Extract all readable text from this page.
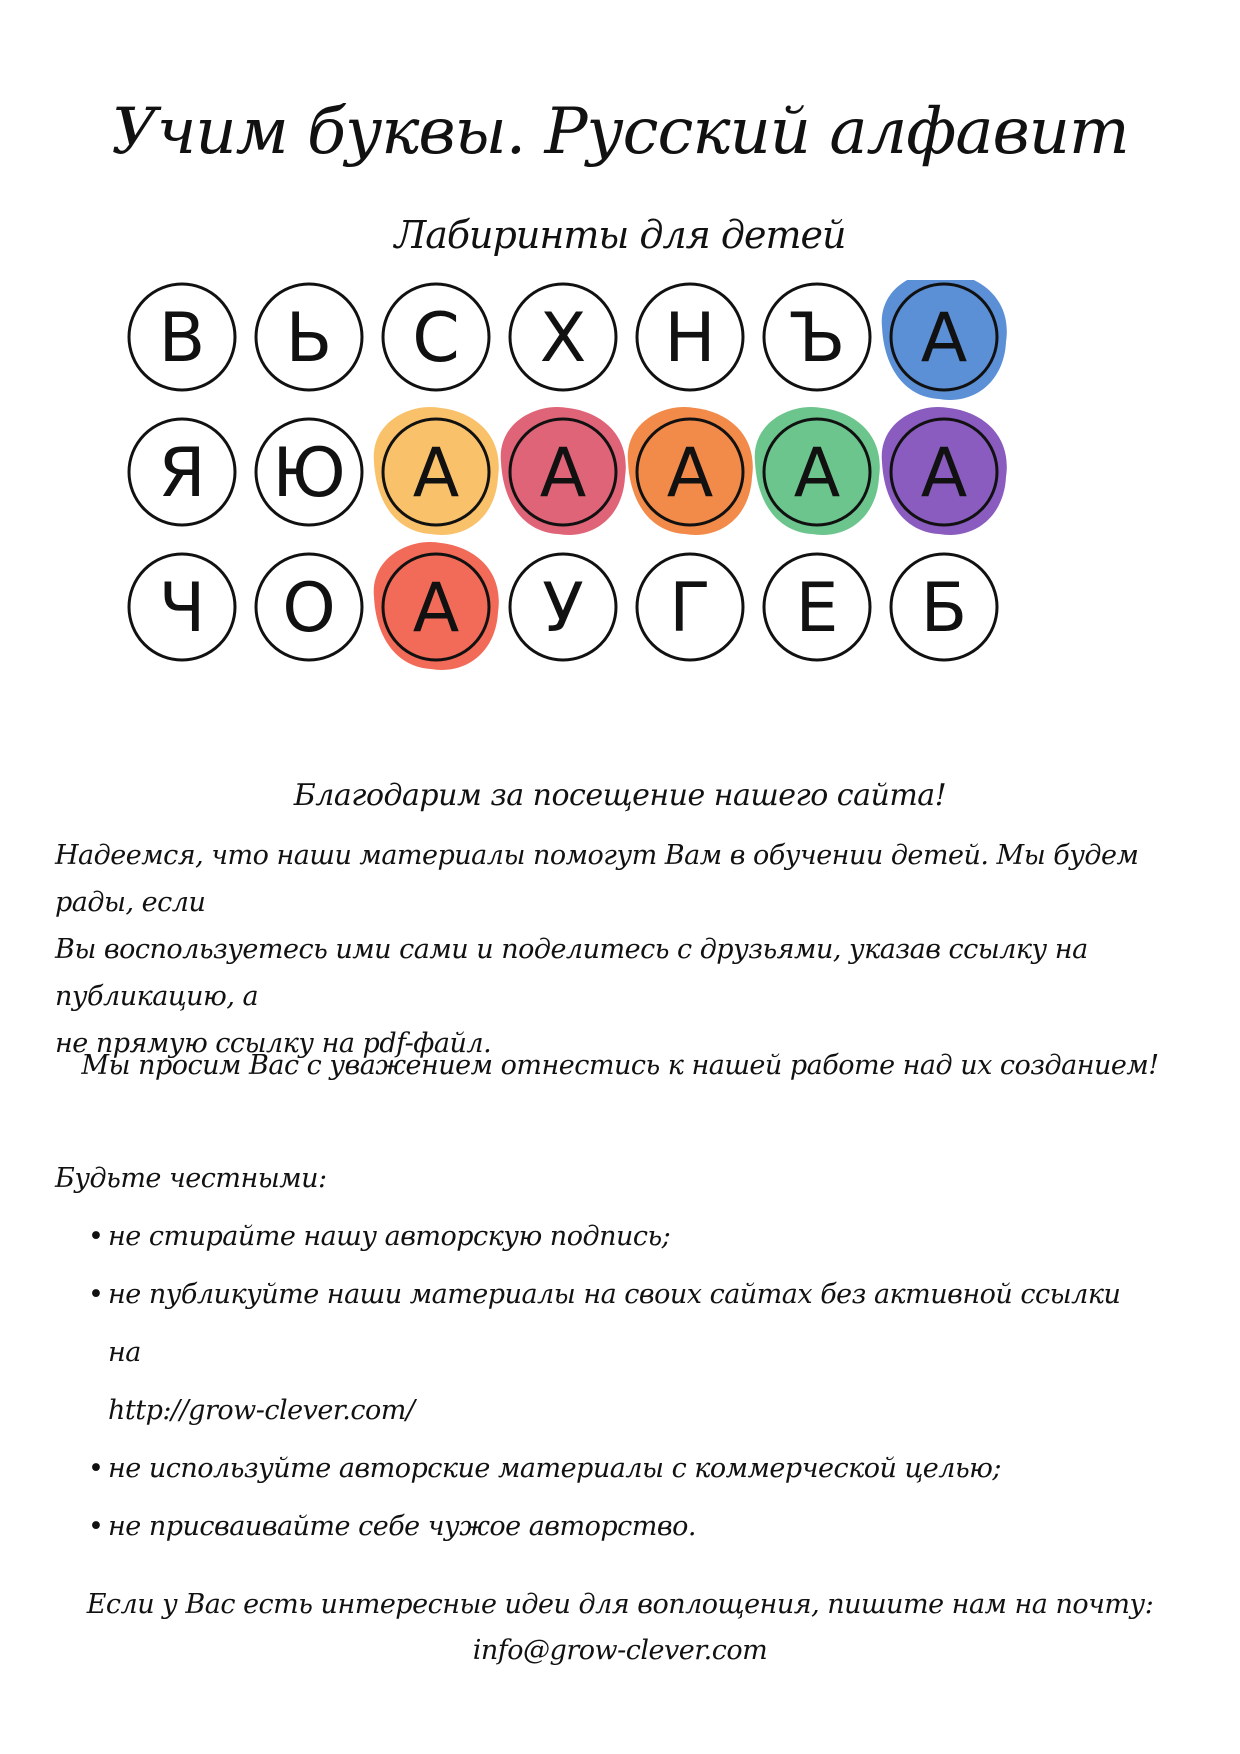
Учим буквы. Русский алфавит
Лабиринты для детей
В Ь С Х Н Ъ А
Я Ю А А А А А
Ч О А У Г Е Б
Благодарим за посещение нашего сайта!
Надеемся, что наши материалы помогут Вам в обучении детей. Мы будем рады, если
Вы воспользуетесь ими сами и поделитесь с друзьями, указав ссылку на публикацию, а
не прямую ссылку на pdf-файл.
Мы просим Вас с уважением отнестись к нашей работе над их созданием!
Будьте честными:
• не стирайте нашу авторскую подпись;
• не публикуйте наши материалы на своих сайтах без активной ссылки на
http://grow-clever.com/
• не используйте авторские материалы с коммерческой целью;
• не присваивайте себе чужое авторство.
Если у Вас есть интересные идеи для воплощения, пишите нам на почту:
info@grow-clever.com
